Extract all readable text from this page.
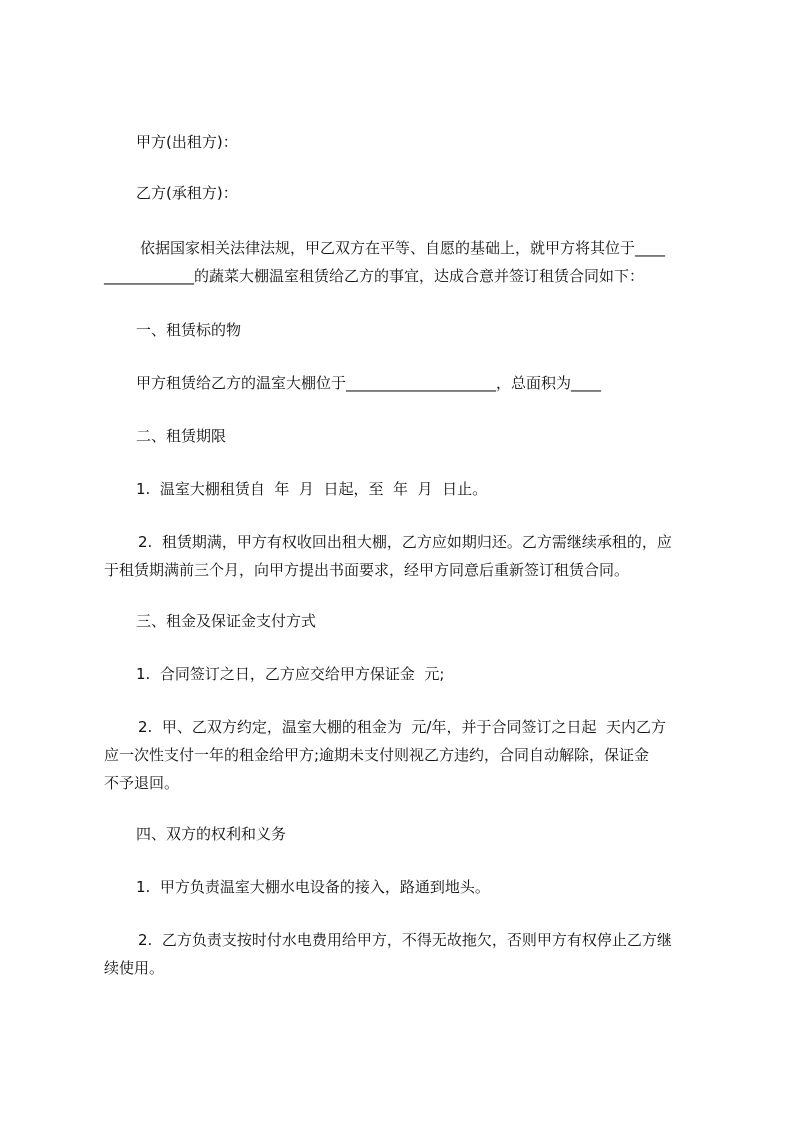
甲方(出租方)：
乙方(承租方)：
依据国家相关法律法规，甲乙双方在平等、自愿的基础上，就甲方将其位于____
____________的蔬菜大棚温室租赁给乙方的事宜，达成合意并签订租赁合同如下：
一、租赁标的物
甲方租赁给乙方的温室大棚位于____________________，总面积为____
二、租赁期限
1.  温室大棚租赁自  年  月  日起，至  年  月  日止。
2.  租赁期满，甲方有权收回出租大棚，乙方应如期归还。乙方需继续承租的，应
于租赁期满前三个月，向甲方提出书面要求，经甲方同意后重新签订租赁合同。
三、租金及保证金支付方式
1.  合同签订之日，乙方应交给甲方保证金  元;
2.  甲、乙双方约定，温室大棚的租金为  元/年，并于合同签订之日起  天内乙方
应一次性支付一年的租金给甲方;逾期未支付则视乙方违约，合同自动解除，保证金
不予退回。
四、双方的权利和义务
1.  甲方负责温室大棚水电设备的接入，路通到地头。
2.  乙方负责支按时付水电费用给甲方，不得无故拖欠，否则甲方有权停止乙方继
续使用。
